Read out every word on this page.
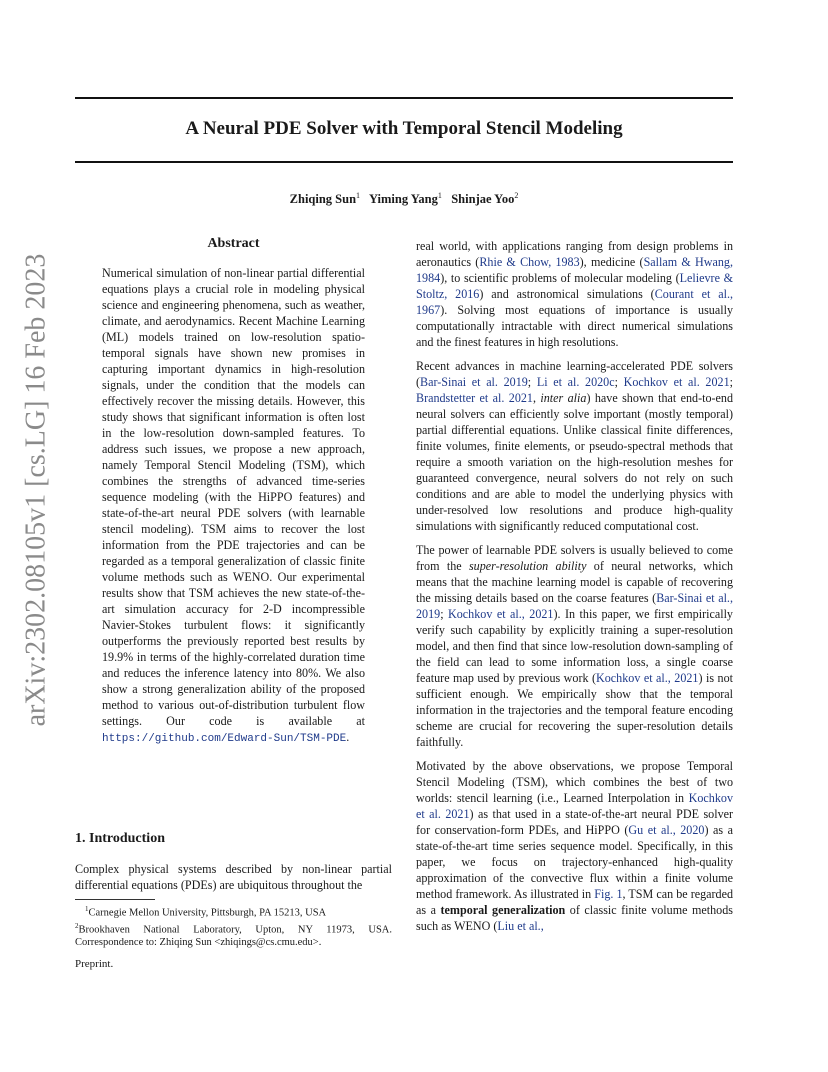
A Neural PDE Solver with Temporal Stencil Modeling
Zhiqing Sun$^1$ Yiming Yang$^1$ Shinjae Yoo$^2$
arXiv:2302.08105v1 [cs.LG] 16 Feb 2023
Abstract

Numerical simulation of non-linear partial differential equations plays a crucial role in modeling physical science and engineering phenomena, such as weather, climate, and aerodynamics. Recent Machine Learning (ML) models trained on low-resolution spatio-temporal signals have shown new promises in capturing important dynamics in high-resolution signals, under the condition that the models can effectively recover the missing details. However, this study shows that significant information is often lost in the low-resolution down-sampled features. To address such issues, we propose a new approach, namely Temporal Stencil Modeling (TSM), which combines the strengths of advanced time-series sequence modeling (with the HiPPO features) and state-of-the-art neural PDE solvers (with learnable stencil modeling). TSM aims to recover the lost information from the PDE trajectories and can be regarded as a temporal generalization of classic finite volume methods such as WENO. Our experimental results show that TSM achieves the new state-of-the-art simulation accuracy for 2-D incompressible Navier-Stokes turbulent flows: it significantly outperforms the previously reported best results by 19.9% in terms of the highly-correlated duration time and reduces the inference latency into 80%. We also show a strong generalization ability of the proposed method to various out-of-distribution turbulent flow settings. Our code is available at https://github.com/Edward-Sun/TSM-PDE.

1. Introduction

Complex physical systems described by non-linear partial differential equations (PDEs) are ubiquitous throughout the

$^1$Carnegie Mellon University, Pittsburgh, PA 15213, USA
$^2$Brookhaven National Laboratory, Upton, NY 11973, USA. Correspondence to: Zhiqing Sun <zhiqings@cs.cmu.edu>.
Preprint.

real world, with applications ranging from design problems in aeronautics (Rhie & Chow, 1983), medicine (Sallam & Hwang, 1984), to scientific problems of molecular modeling (Lelievre & Stoltz, 2016) and astronomical simulations (Courant et al., 1967). Solving most equations of importance is usually computationally intractable with direct numerical simulations and the finest features in high resolutions.

Recent advances in machine learning-accelerated PDE solvers (Bar-Sinai et al. 2019; Li et al. 2020c; Kochkov et al. 2021; Brandstetter et al. 2021, inter alia) have shown that end-to-end neural solvers can efficiently solve important (mostly temporal) partial differential equations. Unlike classical finite differences, finite volumes, finite elements, or pseudo-spectral methods that require a smooth variation on the high-resolution meshes for guaranteed convergence, neural solvers do not rely on such conditions and are able to model the underlying physics with under-resolved low resolutions and produce high-quality simulations with significantly reduced computational cost.

The power of learnable PDE solvers is usually believed to come from the super-resolution ability of neural networks, which means that the machine learning model is capable of recovering the missing details based on the coarse features (Bar-Sinai et al., 2019; Kochkov et al., 2021). In this paper, we first empirically verify such capability by explicitly training a super-resolution model, and then find that since low-resolution down-sampling of the field can lead to some information loss, a single coarse feature map used by previous work (Kochkov et al., 2021) is not sufficient enough. We empirically show that the temporal information in the trajectories and the temporal feature encoding scheme are crucial for recovering the super-resolution details faithfully.

Motivated by the above observations, we propose Temporal Stencil Modeling (TSM), which combines the best of two worlds: stencil learning (i.e., Learned Interpolation in Kochkov et al. 2021) as that used in a state-of-the-art neural PDE solver for conservation-form PDEs, and HiPPO (Gu et al., 2020) as a state-of-the-art time series sequence model. Specifically, in this paper, we focus on trajectory-enhanced high-quality approximation of the convective flux within a finite volume method framework. As illustrated in Fig. 1, TSM can be regarded as a temporal generalization of classic finite volume methods such as WENO (Liu et al.,
